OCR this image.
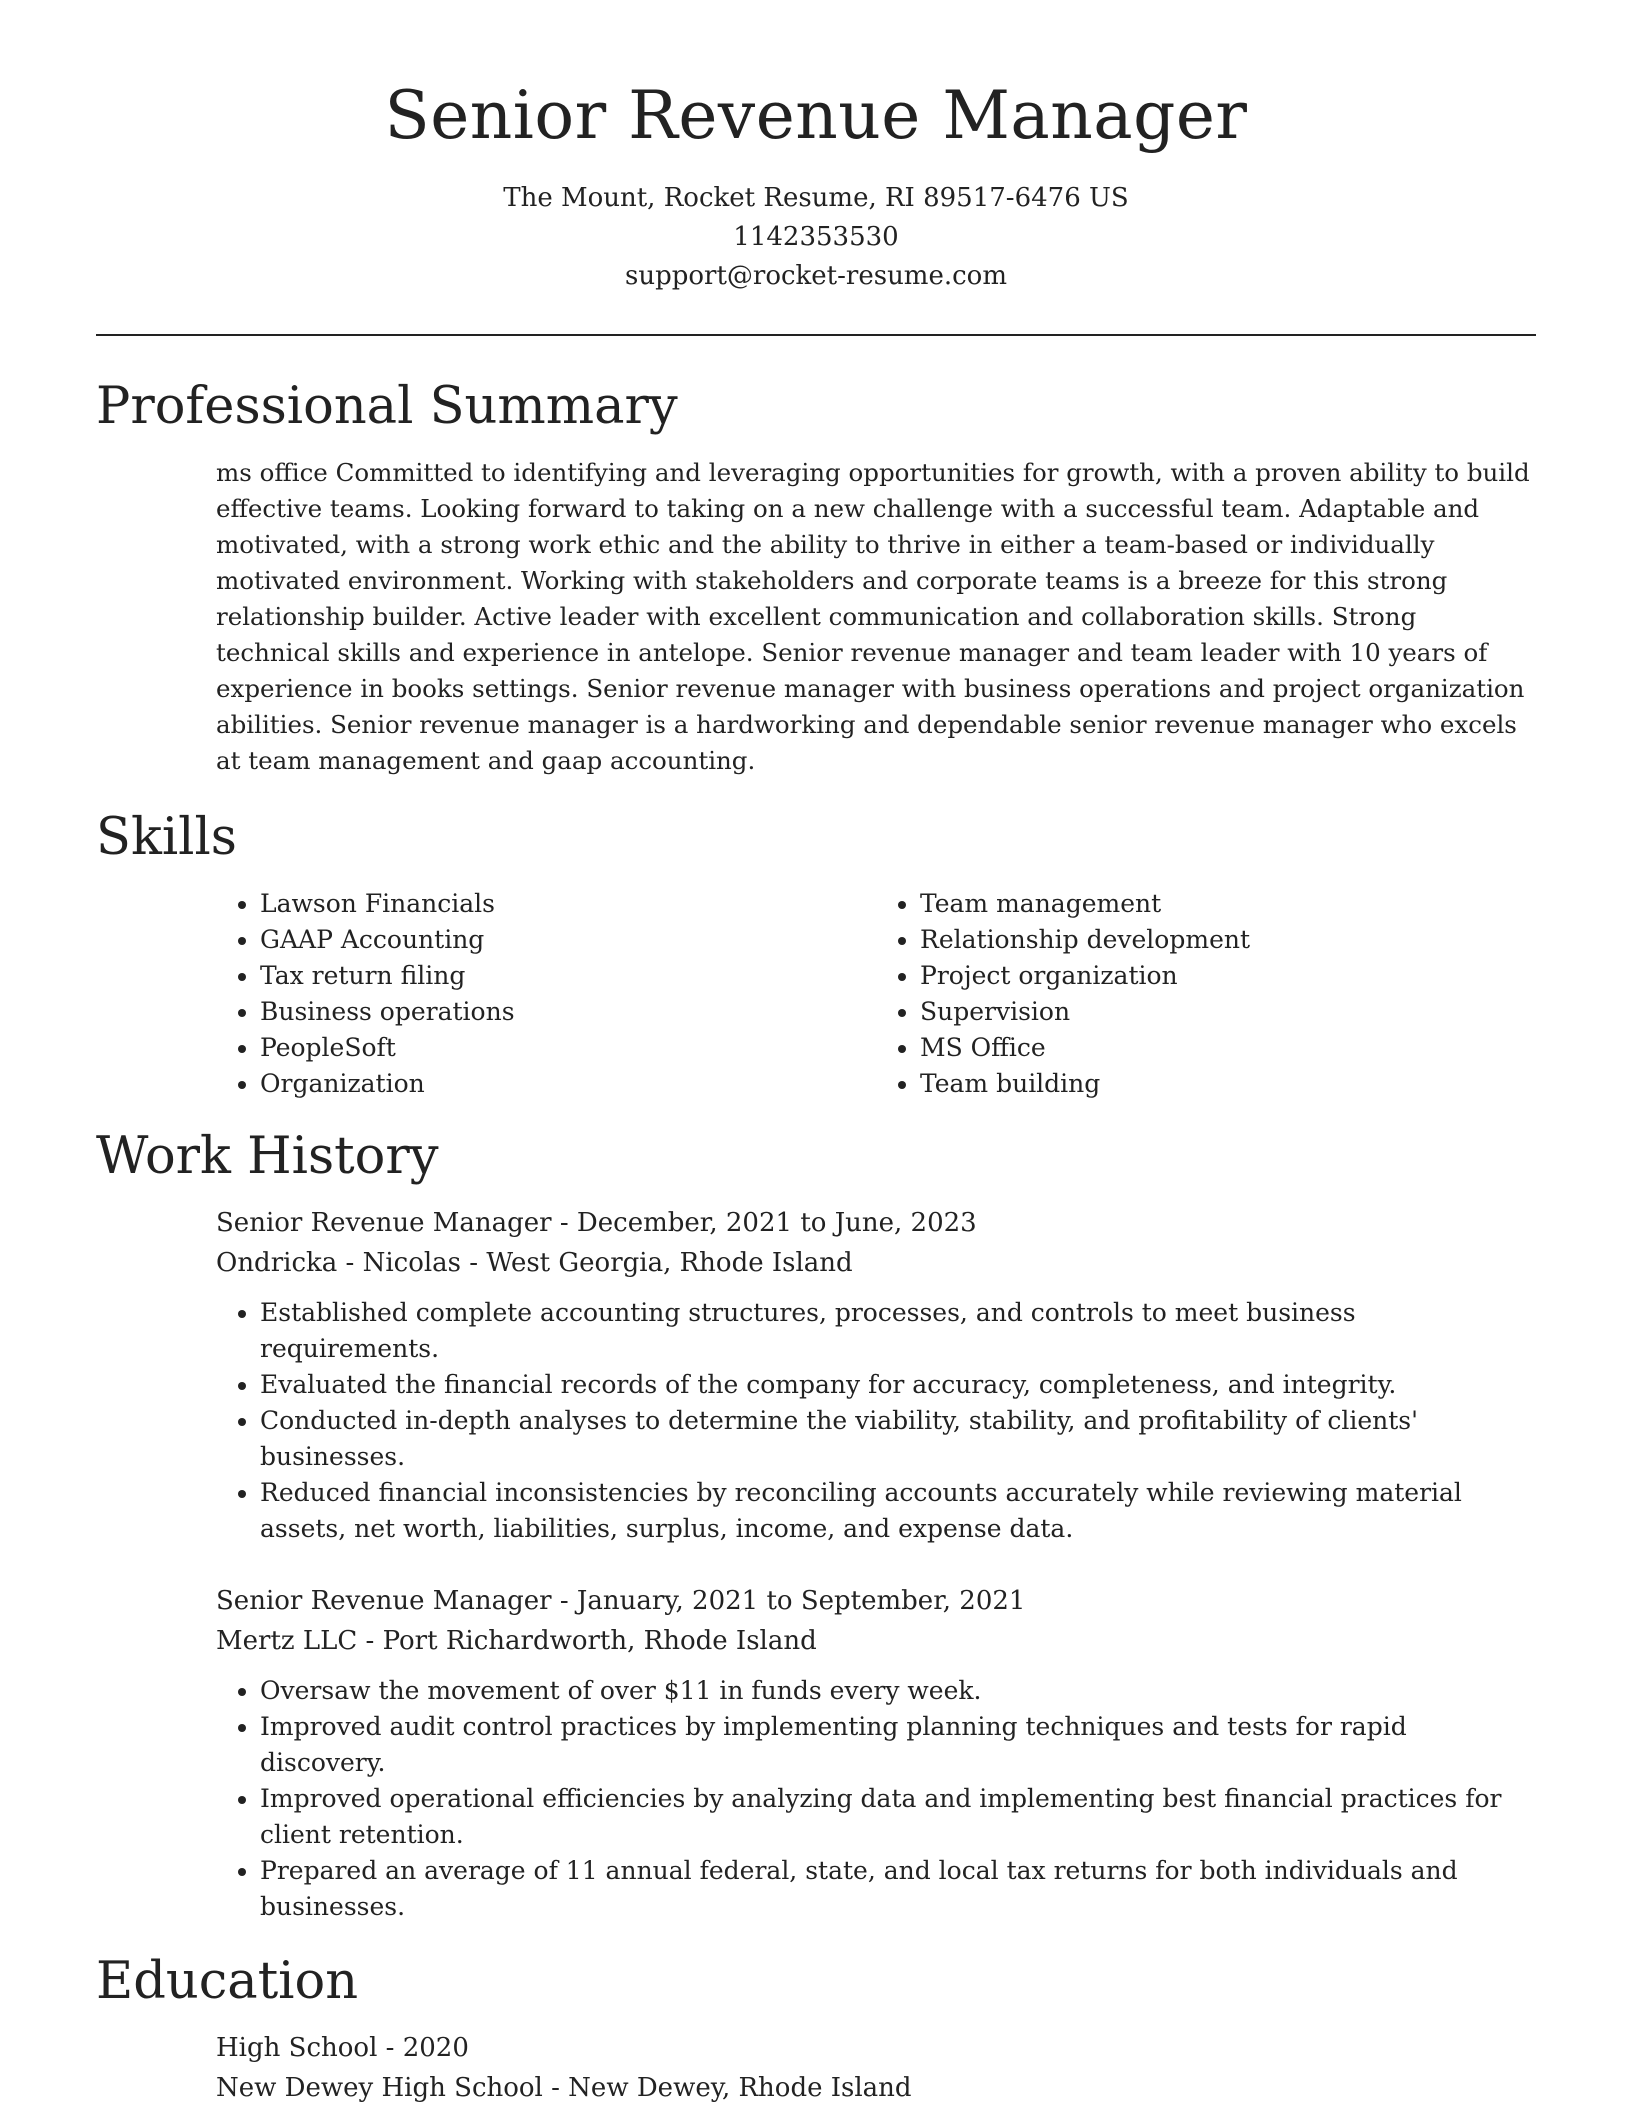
Senior Revenue Manager
The Mount, Rocket Resume, RI 89517-6476 US
1142353530
support@rocket-resume.com
Professional Summary

ms office Committed to identifying and leveraging opportunities for growth, with a proven ability to build effective teams. Looking forward to taking on a new challenge with a successful team. Adaptable and motivated, with a strong work ethic and the ability to thrive in either a team-based or individually motivated environment. Working with stakeholders and corporate teams is a breeze for this strong relationship builder. Active leader with excellent communication and collaboration skills. Strong technical skills and experience in antelope. Senior revenue manager and team leader with 10 years of experience in books settings. Senior revenue manager with business operations and project organization abilities. Senior revenue manager is a hardworking and dependable senior revenue manager who excels at team management and gaap accounting.

Skills
• Lawson Financials
• GAAP Accounting
• Tax return filing
• Business operations
• PeopleSoft
• Organization
• Team management
• Relationship development
• Project organization
• Supervision
• MS Office
• Team building
Work History
Senior Revenue Manager - December, 2021 to June, 2023
Ondricka - Nicolas - West Georgia, Rhode Island
• Established complete accounting structures, processes, and controls to meet business requirements.
• Evaluated the financial records of the company for accuracy, completeness, and integrity.
• Conducted in-depth analyses to determine the viability, stability, and profitability of clients' businesses.
• Reduced financial inconsistencies by reconciling accounts accurately while reviewing material assets, net worth, liabilities, surplus, income, and expense data.
Senior Revenue Manager - January, 2021 to September, 2021
Mertz LLC - Port Richardworth, Rhode Island
• Oversaw the movement of over $11 in funds every week.
• Improved audit control practices by implementing planning techniques and tests for rapid discovery.
• Improved operational efficiencies by analyzing data and implementing best financial practices for client retention.
• Prepared an average of 11 annual federal, state, and local tax returns for both individuals and businesses.
Education
High School - 2020
New Dewey High School - New Dewey, Rhode Island
